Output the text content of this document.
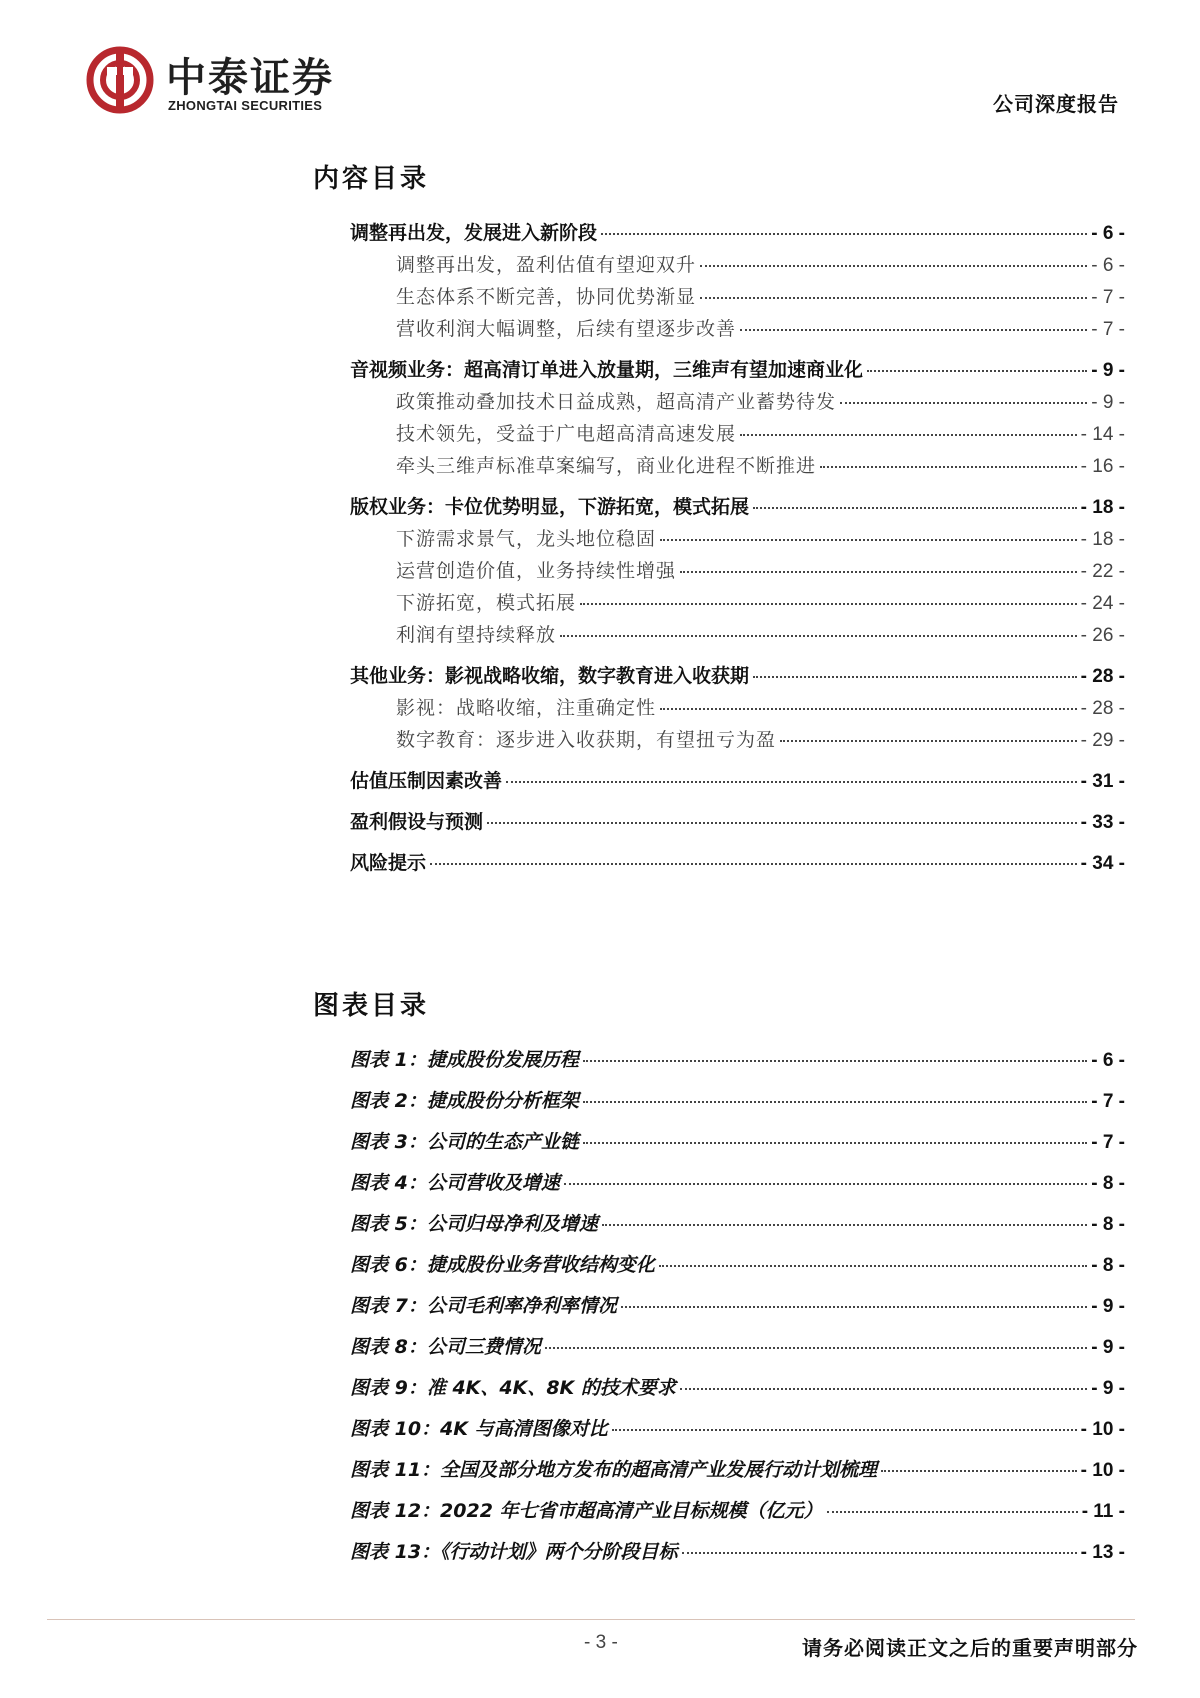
中泰证券
ZHONGTAI SECURITIES	公司深度报告
内容目录
调整再出发，发展进入新阶段	- 6 -
调整再出发，盈利估值有望迎双升	- 6 -
生态体系不断完善，协同优势渐显	- 7 -
营收利润大幅调整，后续有望逐步改善	- 7 -
音视频业务：超高清订单进入放量期，三维声有望加速商业化	- 9 -
政策推动叠加技术日益成熟，超高清产业蓄势待发	- 9 -
技术领先，受益于广电超高清高速发展	- 14 -
牵头三维声标准草案编写，商业化进程不断推进	- 16 -
版权业务：卡位优势明显，下游拓宽，模式拓展	- 18 -
下游需求景气，龙头地位稳固	- 18 -
运营创造价值，业务持续性增强	- 22 -
下游拓宽，模式拓展	- 24 -
利润有望持续释放	- 26 -
其他业务：影视战略收缩，数字教育进入收获期	- 28 -
影视：战略收缩，注重确定性	- 28 -
数字教育：逐步进入收获期，有望扭亏为盈	- 29 -
估值压制因素改善	- 31 -
盈利假设与预测	- 33 -
风险提示	- 34 -
图表目录
图表 1：捷成股份发展历程	- 6 -
图表 2：捷成股份分析框架	- 7 -
图表 3：公司的生态产业链	- 7 -
图表 4：公司营收及增速	- 8 -
图表 5：公司归母净利及增速	- 8 -
图表 6：捷成股份业务营收结构变化	- 8 -
图表 7：公司毛利率净利率情况	- 9 -
图表 8：公司三费情况	- 9 -
图表 9：准 4K、4K、8K 的技术要求	- 9 -
图表 10：4K 与高清图像对比	- 10 -
图表 11：全国及部分地方发布的超高清产业发展行动计划梳理	- 10 -
图表 12：2022 年七省市超高清产业目标规模（亿元）	- 11 -
图表 13：《行动计划》两个分阶段目标	- 13 -
- 3 -	请务必阅读正文之后的重要声明部分
